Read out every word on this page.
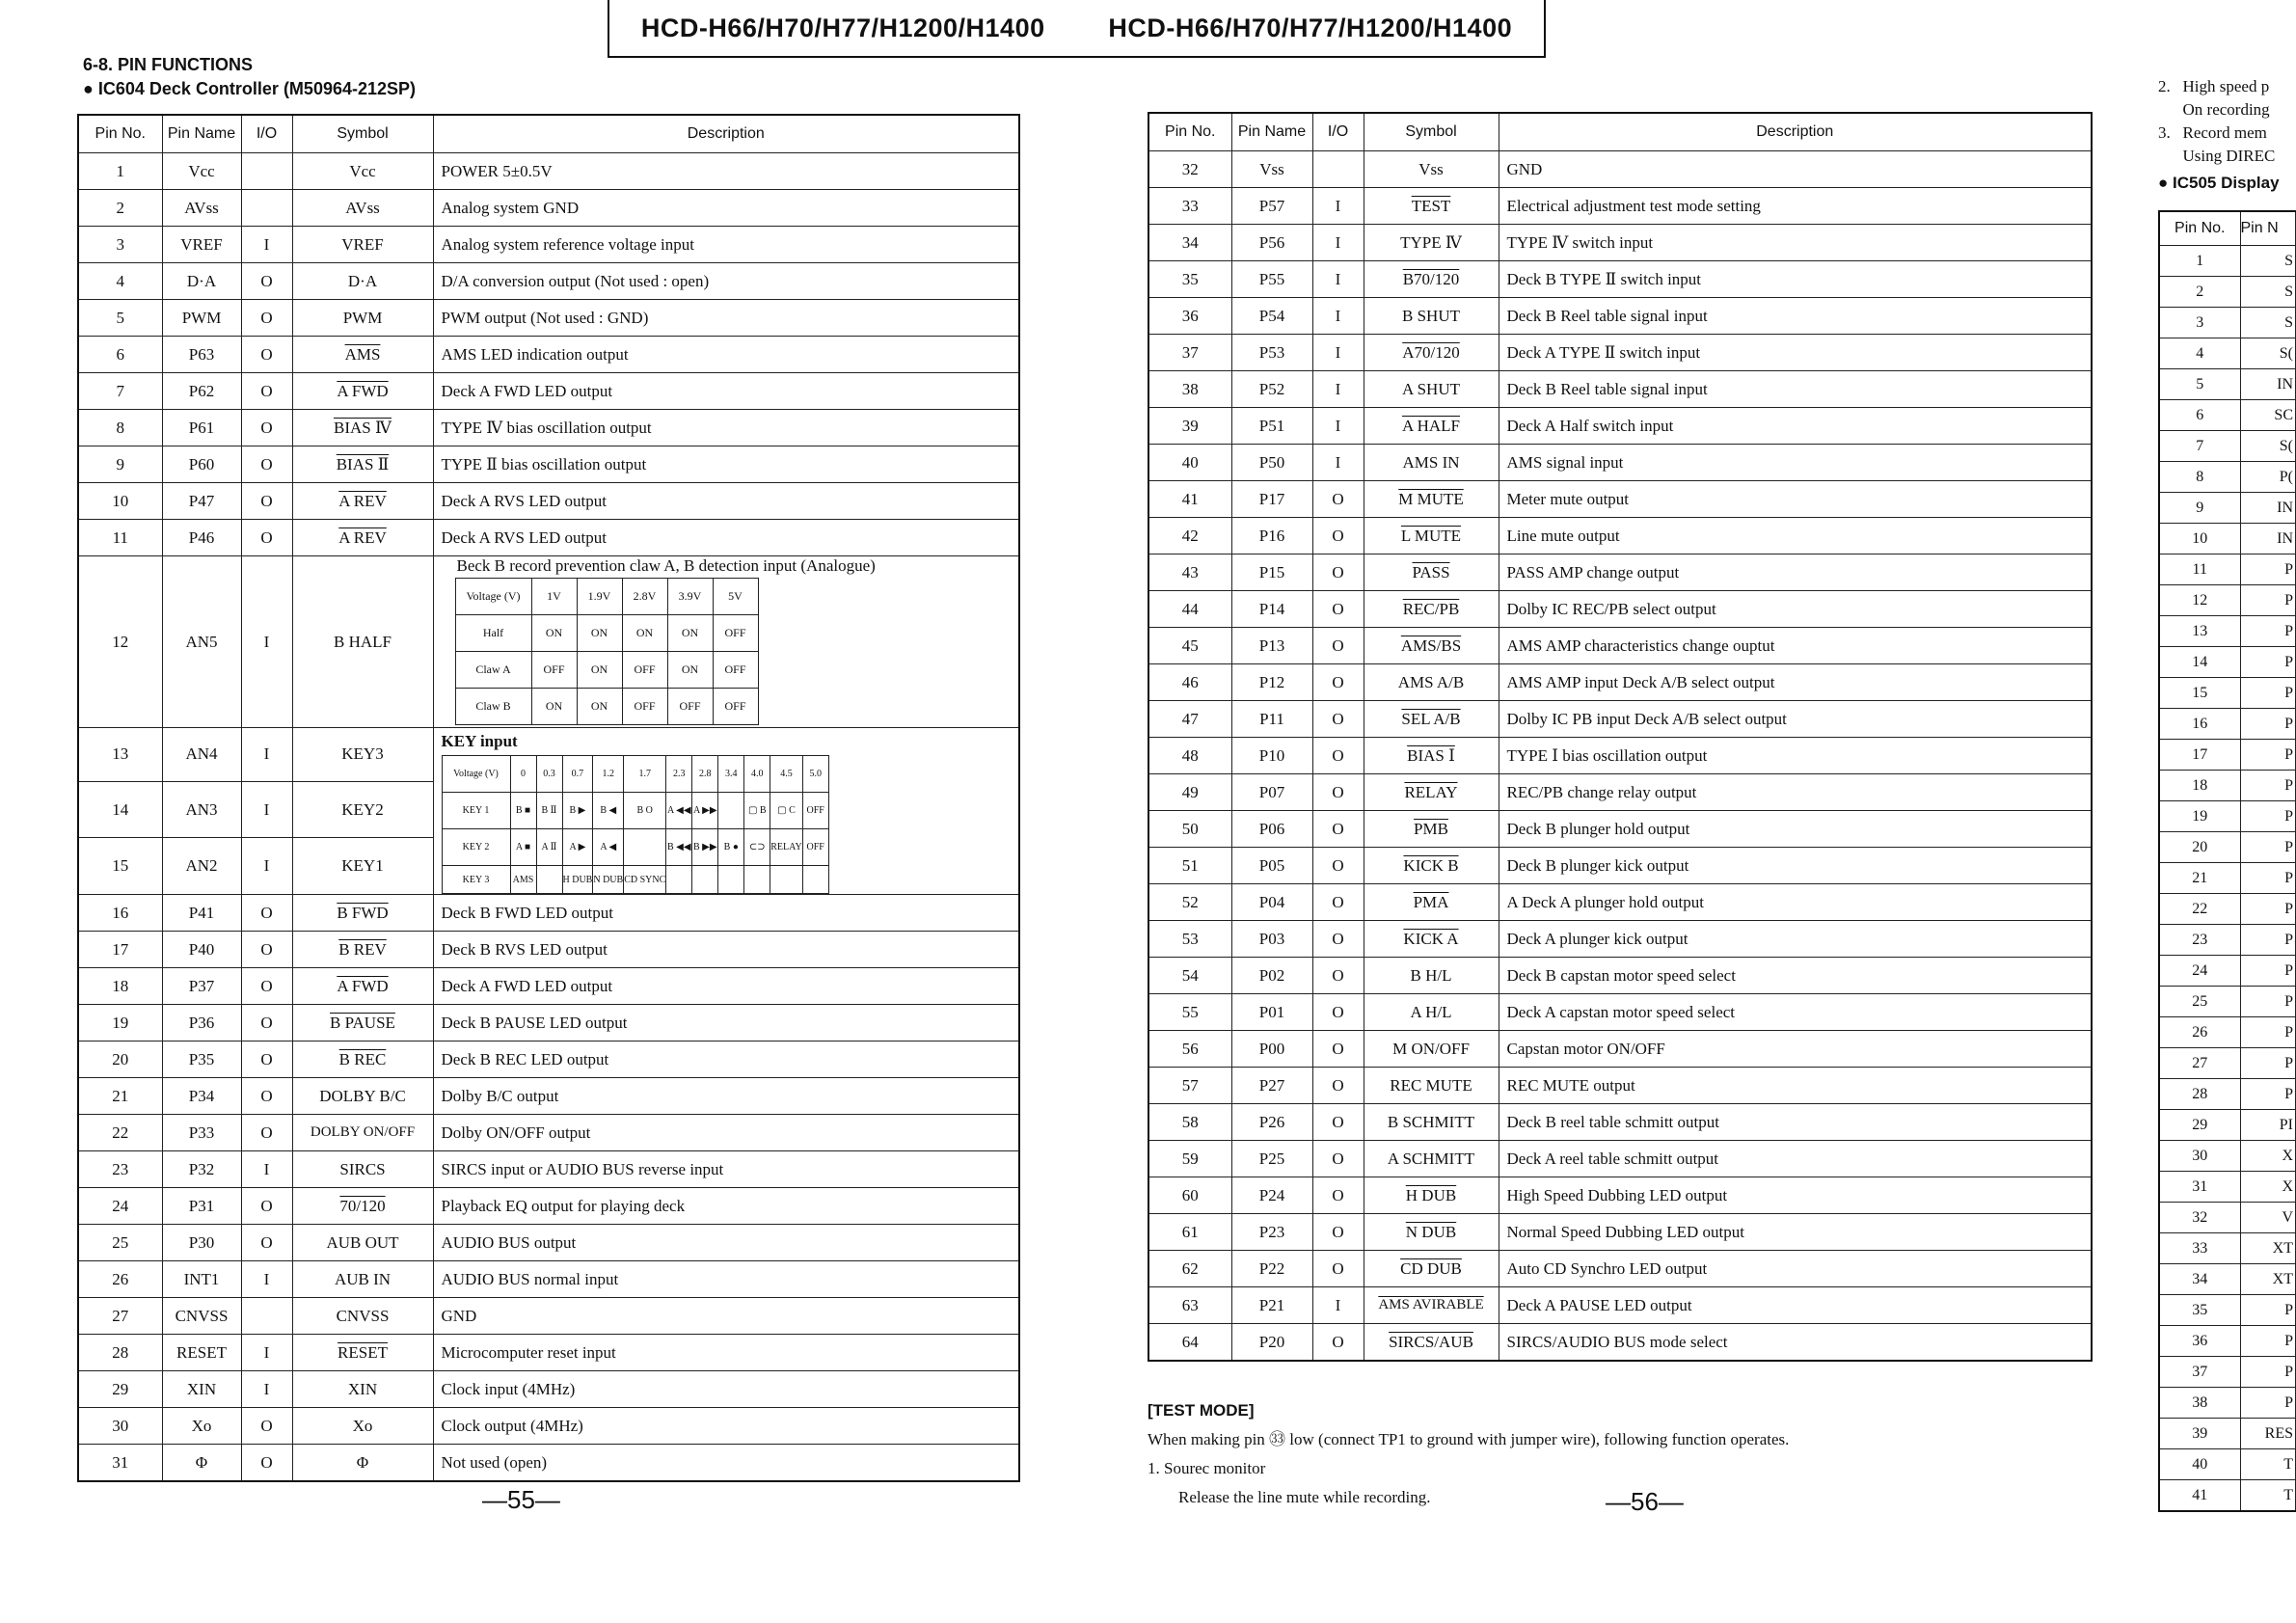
HCD-H66/H70/H77/H1200/H1400 HCD-H66/H70/H77/H1200/H1400
6-8. PIN FUNCTIONS
● IC604 Deck Controller (M50964-212SP)
Pin No.	Pin Name	I/O	Symbol	Description
1	Vcc		Vcc	POWER 5±0.5V
2	AVss		AVss	Analog system GND
3	VREF	I	VREF	Analog system reference voltage input
4	D·A	O	D·A	D/A conversion output (Not used : open)
5	PWM	O	PWM	PWM output (Not used : GND)
6	P63	O	$\overline{AMS}$	AMS LED indication output
7	P62	O	A FWD	Deck A FWD LED output
8	P61	O	BIAS Ⅳ	TYPE Ⅳ bias oscillation output
9	P60	O	BIAS Ⅱ	TYPE Ⅱ bias oscillation output
10	P47	O	A REV	Deck A RVS LED output
11	P46	O	A REV	Deck A RVS LED output
12	AN5	I	B HALF	
Beck B record prevention claw A, B detection input (Analogue)
Voltage (V)	1V	1.9V	2.8V	3.9V	5V
Half	ON	ON	ON	ON	OFF
Claw A	OFF	ON	OFF	ON	OFF
Claw B	ON	ON	OFF	OFF	OFF

13	AN4	I	KEY3	
KEY input
Voltage (V)	0	0.3	0.7	1.2	1.7	2.3	2.8	3.4	4.0	4.5	5.0
KEY 1	B ■	B Ⅱ	B ▶	B ◀	B O	A ◀◀	A ▶▶		▢ B	▢ C	OFF
KEY 2	A ■	A Ⅱ	A ▶	A ◀		B ◀◀	B ▶▶	B ●	⊂⊃	RELAY	OFF
KEY 3	AMS		H DUB	N DUB	CD SYNC						

14	AN3	I	KEY2
15	AN2	I	KEY1
16	P41	O	B FWD	Deck B FWD LED output
17	P40	O	B REV	Deck B RVS LED output
18	P37	O	A FWD	Deck A FWD LED output
19	P36	O	B PAUSE	Deck B PAUSE LED output
20	P35	O	B REC	Deck B REC LED output
21	P34	O	DOLBY B/C	Dolby B/C output
22	P33	O	DOLBY ON/OFF	Dolby ON/OFF output
23	P32	I	SIRCS	SIRCS input or AUDIO BUS reverse input
24	P31	O	70/120	Playback EQ output for playing deck
25	P30	O	AUB OUT	AUDIO BUS output
26	INT1	I	AUB IN	AUDIO BUS normal input
27	CNVSS		CNVSS	GND
28	RESET	I	RESET	Microcomputer reset input
29	XIN	I	XIN	Clock input (4MHz)
30	Xo	O	Xo	Clock output (4MHz)
31	Φ	O	Φ	Not used (open)
Pin No.	Pin Name	I/O	Symbol	Description
32	Vss		Vss	GND
33	P57	I	TEST	Electrical adjustment test mode setting
34	P56	I	TYPE Ⅳ	TYPE Ⅳ switch input
35	P55	I	B70/120	Deck B TYPE Ⅱ switch input
36	P54	I	B SHUT	Deck B Reel table signal input
37	P53	I	A70/120	Deck A TYPE Ⅱ switch input
38	P52	I	A SHUT	Deck B Reel table signal input
39	P51	I	A HALF	Deck A Half switch input
40	P50	I	AMS IN	AMS signal input
41	P17	O	M MUTE	Meter mute output
42	P16	O	L MUTE	Line mute output
43	P15	O	PASS	PASS AMP change output
44	P14	O	REC/PB	Dolby IC REC/PB select output
45	P13	O	AMS/BS	AMS AMP characteristics change ouptut
46	P12	O	AMS A/B	AMS AMP input Deck A/B select output
47	P11	O	SEL A/B	Dolby IC PB input Deck A/B select output
48	P10	O	BIAS Ⅰ	TYPE Ⅰ bias oscillation output
49	P07	O	RELAY	REC/PB change relay output
50	P06	O	$\overline{PMB}$	Deck B plunger hold output
51	P05	O	KICK B	Deck B plunger kick output
52	P04	O	$\overline{PMA}$	A Deck A plunger hold output
53	P03	O	KICK A	Deck A plunger kick output
54	P02	O	B H/L	Deck B capstan motor speed select
55	P01	O	A H/L	Deck A capstan motor speed select
56	P00	O	M ON/OFF	Capstan motor ON/OFF
57	P27	O	REC MUTE	REC MUTE output
58	P26	O	B SCHMITT	Deck B reel table schmitt output
59	P25	O	A SCHMITT	Deck A reel table schmitt output
60	P24	O	H DUB	High Speed Dubbing LED output
61	P23	O	N DUB	Normal Speed Dubbing LED output
62	P22	O	CD DUB	Auto CD Synchro LED output
63	P21	I	AMS AVIRABLE	Deck A PAUSE LED output
64	P20	O	SIRCS/AUB	SIRCS/AUDIO BUS mode select
[TEST MODE]
When making pin ㉝ low (connect TP1 to ground with jumper wire), following function operates.
1. Sourec monitor
Release the line mute while recording.
—55—	—56—
2.   High speed p
On recording
3.   Record mem
Using DIREC
● IC505 Display
Pin No.	Pin N
1	S
2	S
3	S
4	S(
5	IN
6	SC
7	S(
8	P(
9	IN
10	IN
11	P
12	P
13	P
14	P
15	P
16	P
17	P
18	P
19	P
20	P
21	P
22	P
23	P
24	P
25	P
26	P
27	P
28	P
29	PI
30	X
31	X
32	V
33	XT
34	XT
35	P
36	P
37	P
38	P
39	RES
40	T
41	T
